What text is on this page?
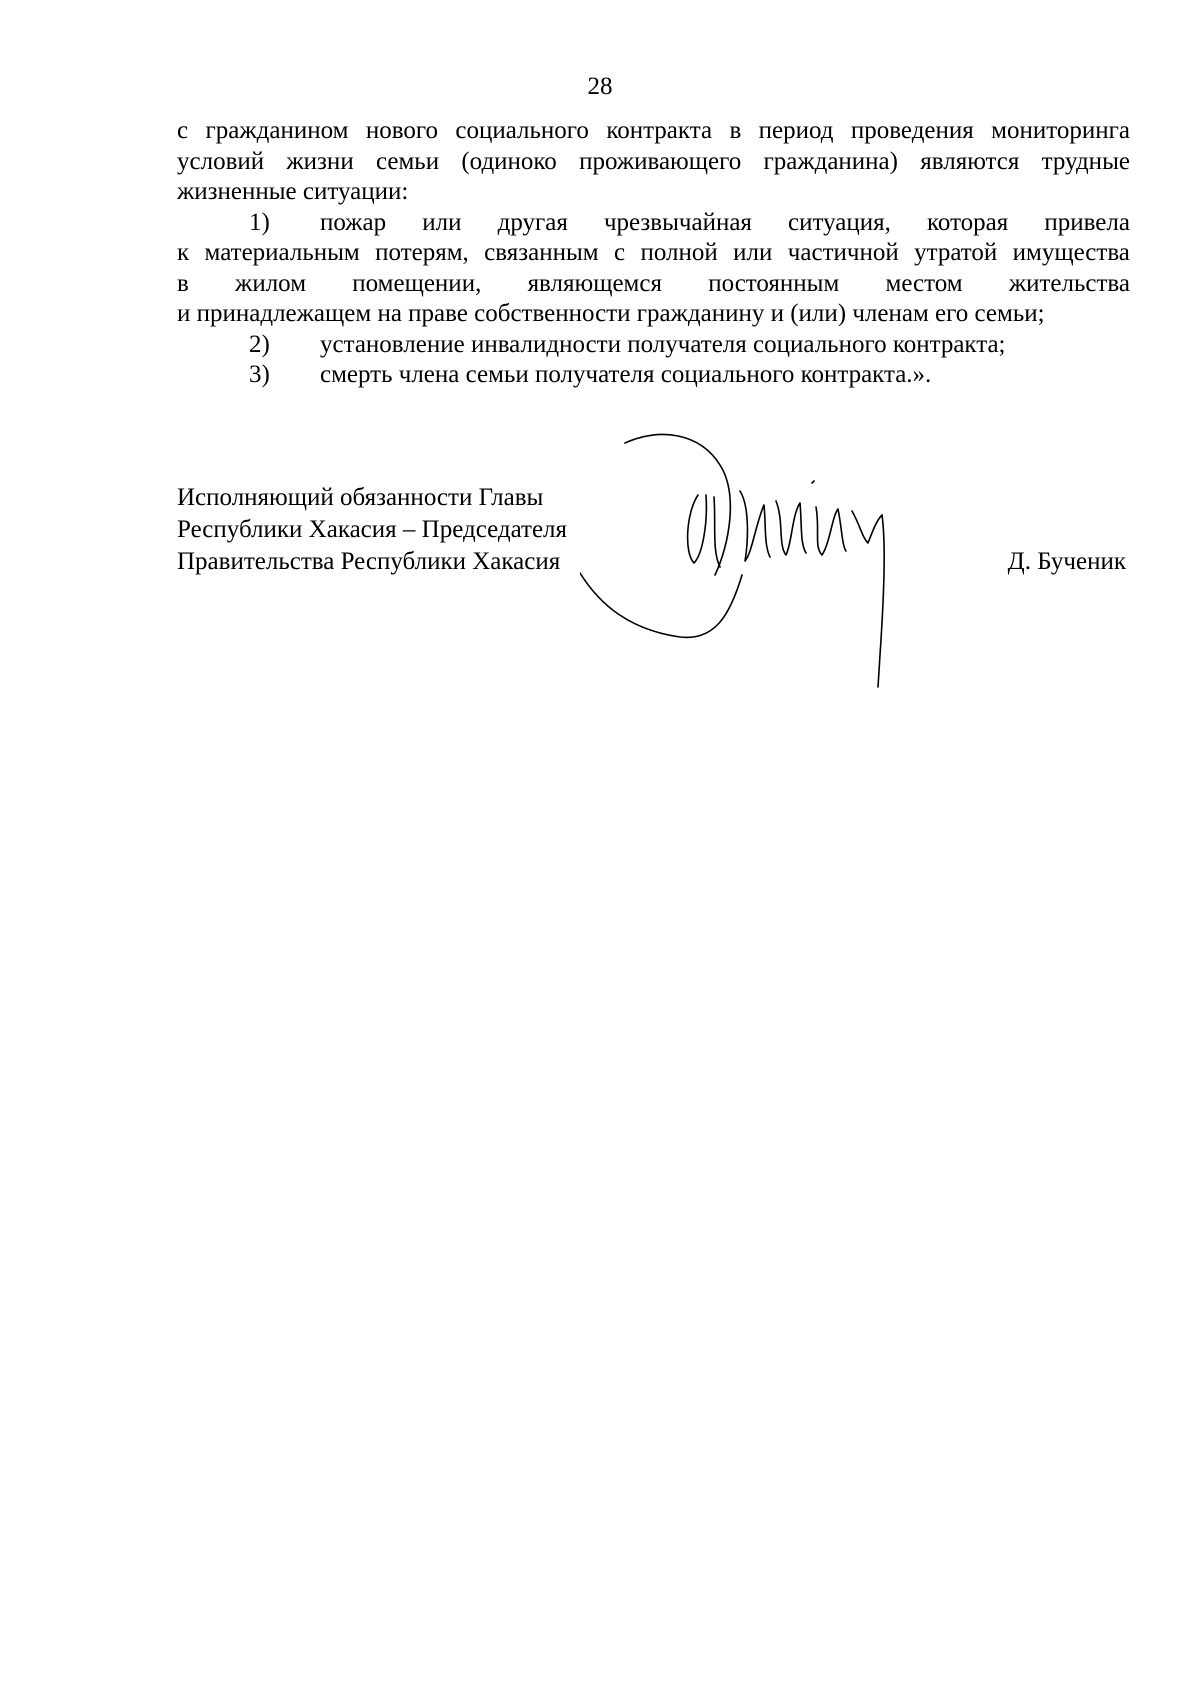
28
с гражданином нового социального контракта в период проведения мониторинга
условий жизни семьи (одиноко проживающего гражданина) являются трудные
жизненные ситуации:
1) пожар или другая чрезвычайная ситуация, которая привела
к материальным потерям, связанным с полной или частичной утратой имущества
в жилом помещении, являющемся постоянным местом жительства
и принадлежащем на праве собственности гражданину и (или) членам его семьи;
2) установление инвалидности получателя социального контракта;
3) смерть члена семьи получателя социального контракта.».
Исполняющий обязанности Главы
Республики Хакасия – Председателя
Правительства Республики Хакасия	Д. Бученик
